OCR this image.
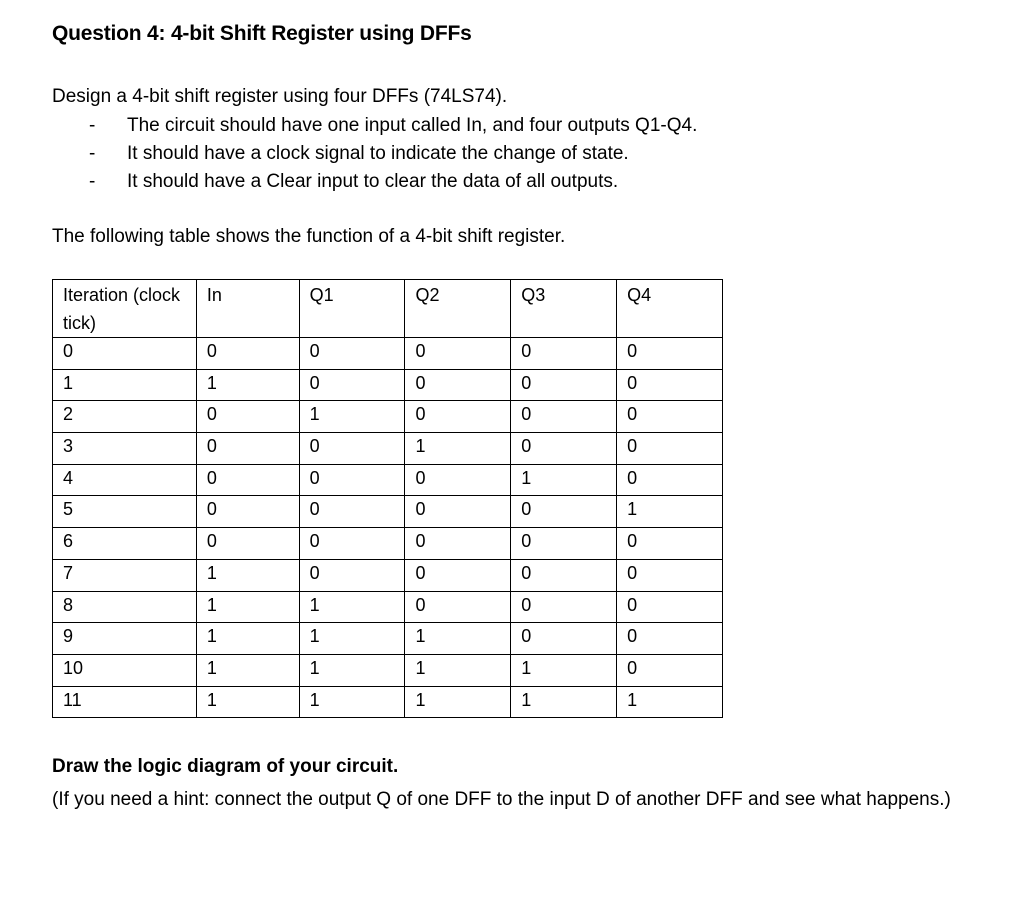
Question 4: 4-bit Shift Register using DFFs
Design a 4-bit shift register using four DFFs (74LS74).
- The circuit should have one input called In, and four outputs Q1-Q4.
- It should have a clock signal to indicate the change of state.
- It should have a Clear input to clear the data of all outputs.
The following table shows the function of a 4-bit shift register.
Iteration (clock tick)	In	Q1	Q2	Q3	Q4
0	0	0	0	0	0
1	1	0	0	0	0
2	0	1	0	0	0
3	0	0	1	0	0
4	0	0	0	1	0
5	0	0	0	0	1
6	0	0	0	0	0
7	1	0	0	0	0
8	1	1	0	0	0
9	1	1	1	0	0
10	1	1	1	1	0
11	1	1	1	1	1
Draw the logic diagram of your circuit.
(If you need a hint: connect the output Q of one DFF to the input D of another DFF and see what happens.)
